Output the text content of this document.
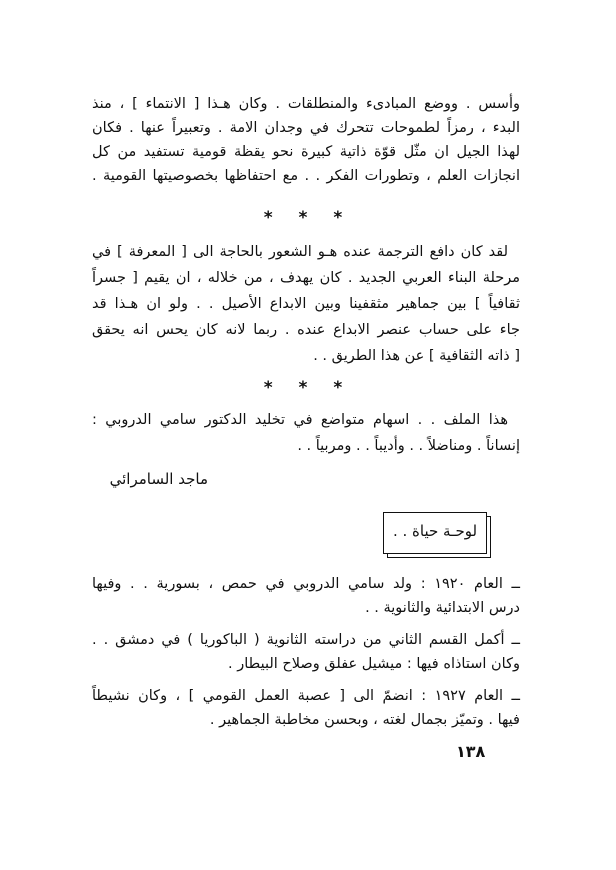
وأسس . ووضع المبادىء والمنطلقات . وكان هـذا [ الانتماء ] ، منذ
البدء ، رمزاً لطموحات تتحرك في وجدان الامة . وتعبيراً عنها . فكان
لهذا الجيل ان مثّل قوّة ذاتية كبيرة نحو يقظة قومية تستفيد من كل
انجازات العلم ، وتطورات الفكر . . مع احتفاظها بخصوصيتها القومية .
* * *
لقد كان دافع الترجمة عنده هـو الشعور بالحاجة الى [ المعرفة ] في
مرحلة البناء العربي الجديد . كان يهدف ، من خلاله ، ان يقيم [ جسراً
ثقافياً ] بين جماهير مثقفينا وبين الابداع الأصيل . . ولو ان هـذا قد
جاء على حساب عنصر الابداع عنده . ربما لانه كان يحس انه يحقق
[ ذاته الثقافية ] عن هذا الطريق . .
* * *
هذا الملف . . اسهام متواضع في تخليد الدكتور سامي الدروبي :
إنساناً . ومناضلاً . . وأديباً . . ومربياً . .
ماجد السامرائي
لوحـة حياة . .
ــ العام ١٩٢٠ : ولد سامي الدروبي في حمص ، بسورية . . وفيها
درس الابتدائية والثانوية . .
ــ أكمل القسم الثاني من دراسته الثانوية ( الباكوريا ) في دمشق . .
وكان استاذاه فيها : ميشيل عفلق وصلاح البيطار .
ــ العام ١٩٢٧ : انضمّ الى [ عصبة العمل القومي ] ، وكان نشيطاً
فيها . وتميّز بجمال لغته ، وبحسن مخاطبة الجماهير .
١٣٨
